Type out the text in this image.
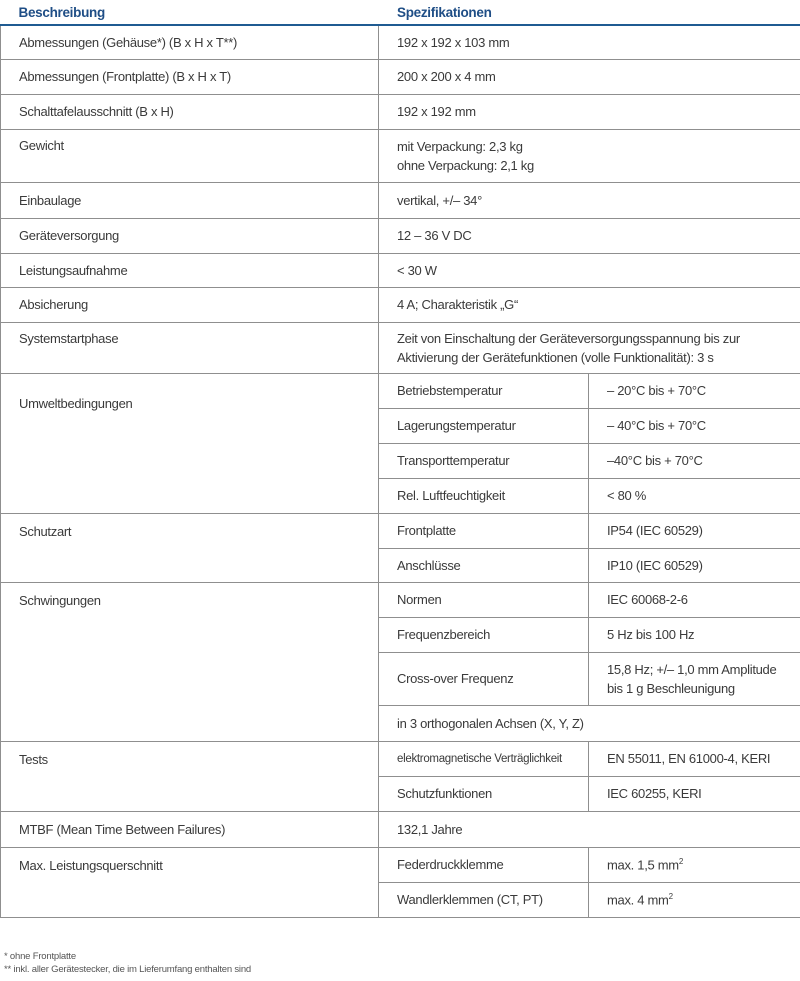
Beschreibung	Spezifikationen	
Abmessungen (Gehäuse*) (B x H x T**)	192 x 192 x 103 mm	
Abmessungen (Frontplatte) (B x H x T)	200 x 200 x 4 mm	
Schalttafelausschnitt (B x H)	192 x 192 mm	
Gewicht	mit Verpackung: 2,3 kg
ohne Verpackung: 2,1 kg	

Einbaulage	vertikal, +/– 34°	
Geräteversorgung	12 – 36 V DC	
Leistungsaufnahme	< 30 W	
Absicherung	4 A; Charakteristik „G“	
Systemstartphase	Zeit von Einschaltung der Geräteversorgungsspannung bis zur
Aktivierung der Gerätefunktionen (volle Funktionalität): 3 s	

Umweltbedingungen	Betriebstemperatur	– 20°C bis + 70°C
	Lagerungstemperatur	– 40°C bis + 70°C
	Transporttemperatur	–40°C bis + 70°C
	Rel. Luftfeuchtigkeit	< 80 %
Schutzart	Frontplatte	IP54 (IEC 60529)
	Anschlüsse	IP10 (IEC 60529)
Schwingungen	Normen	IEC 60068-2-6
	Frequenzbereich	5 Hz bis 100 Hz
	Cross-over Frequenz	15,8 Hz; +/– 1,0 mm Amplitude
bis 1 g Beschleunigung

	in 3 orthogonalen Achsen (X, Y, Z)	
Tests	elektromagnetische Verträglichkeit	EN 55011, EN 61000-4, KERI
	Schutzfunktionen	IEC 60255, KERI
MTBF (Mean Time Between Failures)	132,1 Jahre	
Max. Leistungsquerschnitt	Federdruckklemme	max. 1,5 $mm^2$
	Wandlerklemmen (CT, PT)	max. 4 $mm^2$
* ohne Frontplatte
** inkl. aller Gerätestecker, die im Lieferumfang enthalten sind
